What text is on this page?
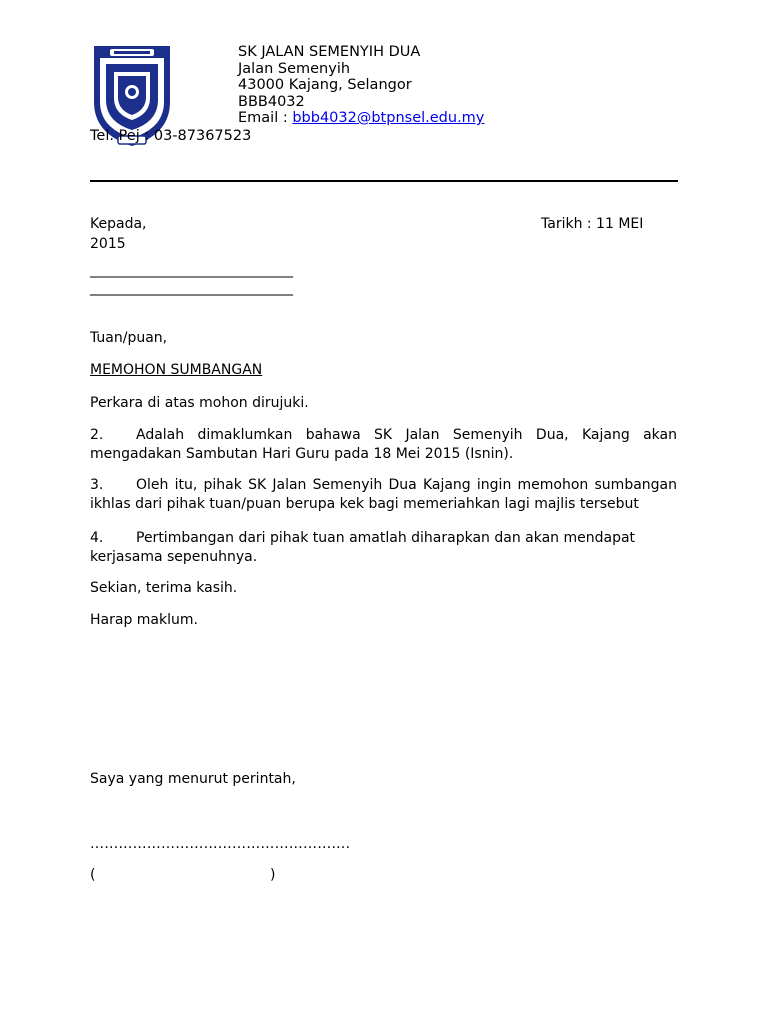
SK JALAN SEMENYIH DUA
Jalan Semenyih
43000 Kajang, Selangor
BBB4032
Email : bbb4032@btpnsel.edu.my
Tel. Pej : 03-87367523
Kepada,	Tarikh : 11 MEI
2015
_____________________________
_____________________________
Tuan/puan,
MEMOHON SUMBANGAN
Perkara di atas mohon dirujuki.
2. Adalah dimaklumkan bahawa SK Jalan Semenyih Dua, Kajang akan mengadakan Sambutan Hari Guru pada 18 Mei 2015 (Isnin).
3. Oleh itu, pihak SK Jalan Semenyih Dua Kajang ingin memohon sumbangan ikhlas dari pihak tuan/puan berupa kek bagi memeriahkan lagi majlis tersebut
4. Pertimbangan dari pihak tuan amatlah diharapkan dan akan mendapat kerjasama sepenuhnya.
Sekian, terima kasih.
Harap maklum.
Saya yang menurut perintah,
……………………………………………….
(	)
